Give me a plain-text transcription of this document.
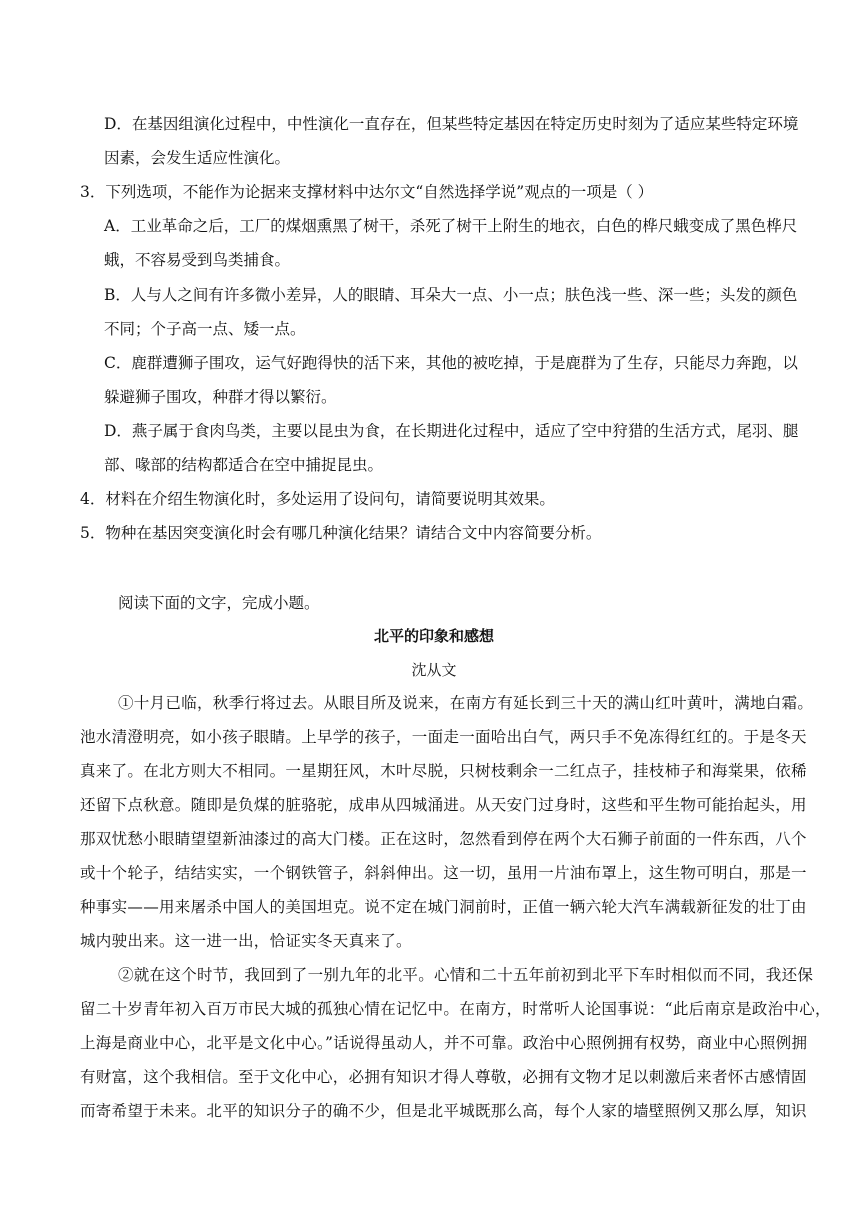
D．在基因组演化过程中，中性演化一直存在，但某些特定基因在特定历史时刻为了适应某些特定环境
因素，会发生适应性演化。
3．下列选项，不能作为论据来支撑材料中达尔文“自然选择学说”观点的一项是（ ）
A．工业革命之后，工厂的煤烟熏黑了树干，杀死了树干上附生的地衣，白色的桦尺蛾变成了黑色桦尺
蛾，不容易受到鸟类捕食。
B．人与人之间有许多微小差异，人的眼睛、耳朵大一点、小一点；肤色浅一些、深一些；头发的颜色
不同；个子高一点、矮一点。
C．鹿群遭狮子围攻，运气好跑得快的活下来，其他的被吃掉，于是鹿群为了生存，只能尽力奔跑，以
躲避狮子围攻，种群才得以繁衍。
D．燕子属于食肉鸟类，主要以昆虫为食，在长期进化过程中，适应了空中狩猎的生活方式，尾羽、腿
部、喙部的结构都适合在空中捕捉昆虫。
4．材料在介绍生物演化时，多处运用了设问句，请简要说明其效果。
5．物种在基因突变演化时会有哪几种演化结果？请结合文中内容简要分析。
阅读下面的文字，完成小题。
北平的印象和感想
沈从文
①十月已临，秋季行将过去。从眼目所及说来，在南方有延长到三十天的满山红叶黄叶，满地白霜。
池水清澄明亮，如小孩子眼睛。上早学的孩子，一面走一面哈出白气，两只手不免冻得红红的。于是冬天
真来了。在北方则大不相同。一星期狂风，木叶尽脱，只树枝剩余一二红点子，挂枝柿子和海棠果，依稀
还留下点秋意。随即是负煤的脏骆驼，成串从四城涌进。从天安门过身时，这些和平生物可能抬起头，用
那双忧愁小眼睛望望新油漆过的高大门楼。正在这时，忽然看到停在两个大石狮子前面的一件东西，八个
或十个轮子，结结实实，一个钢铁管子，斜斜伸出。这一切，虽用一片油布罩上，这生物可明白，那是一
种事实——用来屠杀中国人的美国坦克。说不定在城门洞前时，正值一辆六轮大汽车满载新征发的壮丁由
城内驶出来。这一进一出，恰证实冬天真来了。
②就在这个时节，我回到了一别九年的北平。心情和二十五年前初到北平下车时相似而不同，我还保
留二十岁青年初入百万市民大城的孤独心情在记忆中。在南方，时常听人论国事说：“此后南京是政治中心，
上海是商业中心，北平是文化中心。”话说得虽动人，并不可靠。政治中心照例拥有权势，商业中心照例拥
有财富，这个我相信。至于文化中心，必拥有知识才得人尊敬，必拥有文物才足以刺激后来者怀古感情固
而寄希望于未来。北平的知识分子的确不少，但是北平城既那么高，每个人家的墙壁照例又那么厚，知识
